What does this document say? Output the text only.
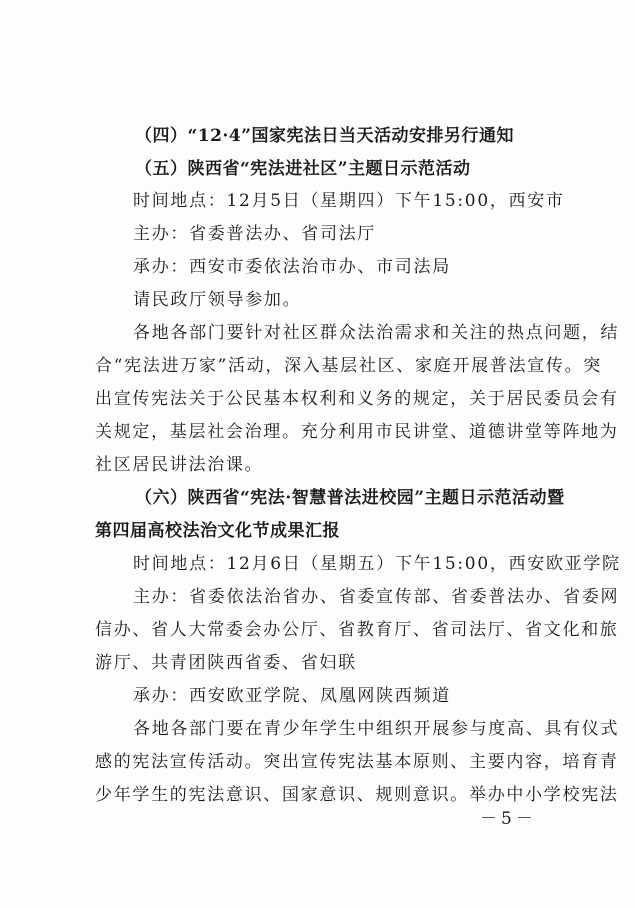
（四）“12·4”国家宪法日当天活动安排另行通知
（五）陕西省“宪法进社区”主题日示范活动
时间地点：12月5日（星期四）下午15:00，西安市
主办：省委普法办、省司法厅
承办：西安市委依法治市办、市司法局
请民政厅领导参加。
各地各部门要针对社区群众法治需求和关注的热点问题，结
合“宪法进万家”活动，深入基层社区、家庭开展普法宣传。突
出宣传宪法关于公民基本权利和义务的规定，关于居民委员会有
关规定，基层社会治理。充分利用市民讲堂、道德讲堂等阵地为
社区居民讲法治课。
（六）陕西省“宪法·智慧普法进校园”主题日示范活动暨
第四届高校法治文化节成果汇报
时间地点：12月6日（星期五）下午15:00，西安欧亚学院
主办：省委依法治省办、省委宣传部、省委普法办、省委网
信办、省人大常委会办公厅、省教育厅、省司法厅、省文化和旅
游厅、共青团陕西省委、省妇联
承办：西安欧亚学院、凤凰网陕西频道
各地各部门要在青少年学生中组织开展参与度高、具有仪式
感的宪法宣传活动。突出宣传宪法基本原则、主要内容，培育青
少年学生的宪法意识、国家意识、规则意识。举办中小学校宪法
－5－
